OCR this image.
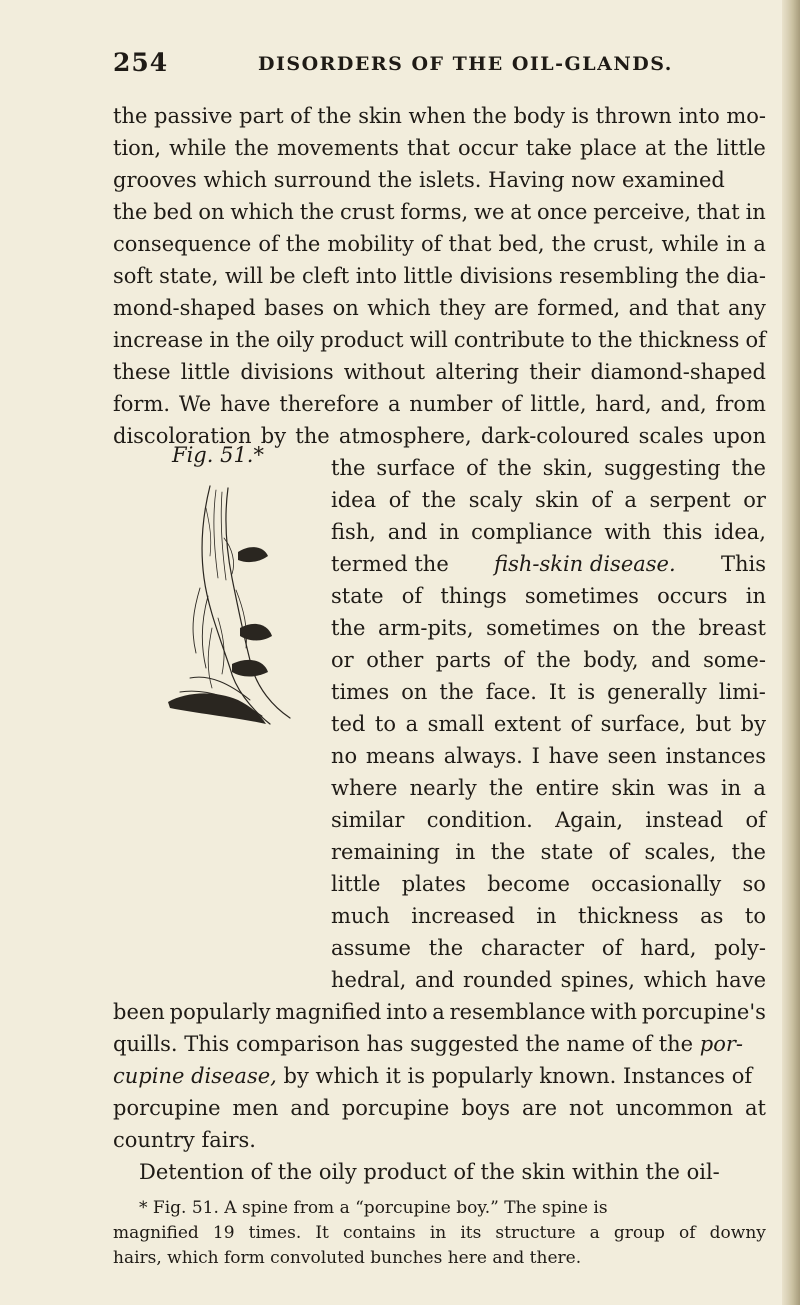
254	DISORDERS OF THE OIL-GLANDS.
the passive part of the skin when the body is thrown into mo-
tion, while the movements that occur take place at the little
grooves which surround the islets. Having now examined
the bed on which the crust forms, we at once perceive, that in
consequence of the mobility of that bed, the crust, while in a
soft state, will be cleft into little divisions resembling the dia-
mond-shaped bases on which they are formed, and that any
increase in the oily product will contribute to the thickness of
these little divisions without altering their diamond-shaped
form. We have therefore a number of little, hard, and, from
discoloration by the atmosphere, dark-coloured scales upon
Fig. 51.*
the surface of the skin, suggesting the
idea of the scaly skin of a serpent or
fish, and in compliance with this idea,
termed the fish-skin disease. This
state of things sometimes occurs in
the arm-pits, sometimes on the breast
or other parts of the body, and some-
times on the face. It is generally limi-
ted to a small extent of surface, but by
no means always. I have seen instances
where nearly the entire skin was in a
similar condition. Again, instead of
remaining in the state of scales, the
little plates become occasionally so
much increased in thickness as to
assume the character of hard, poly-
hedral, and rounded spines, which have
been popularly magnified into a resemblance with porcupine's
quills. This comparison has suggested the name of the por-
cupine disease, by which it is popularly known. Instances of
porcupine men and porcupine boys are not uncommon at
country fairs.
Detention of the oily product of the skin within the oil-
* Fig. 51. A spine from a “porcupine boy.” The spine is
magnified 19 times. It contains in its structure a group of downy
hairs, which form convoluted bunches here and there.
